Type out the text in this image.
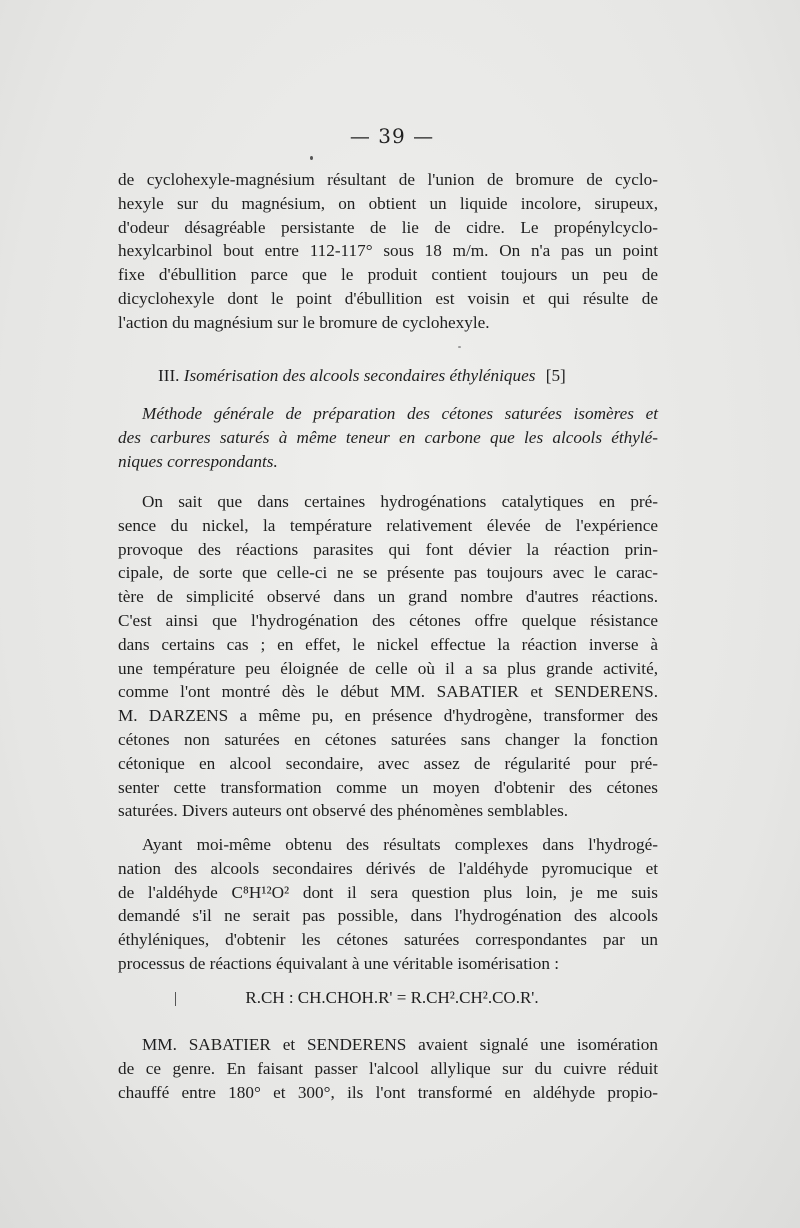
— 39 —
de cyclohexyle-magnésium résultant de l'union de bromure de cyclo-
hexyle sur du magnésium, on obtient un liquide incolore, sirupeux,
d'odeur désagréable persistante de lie de cidre. Le propénylcyclo-
hexylcarbinol bout entre 112-117° sous 18 m/m. On n'a pas un point
fixe d'ébullition parce que le produit contient toujours un peu de
dicyclohexyle dont le point d'ébullition est voisin et qui résulte de
l'action du magnésium sur le bromure de cyclohexyle.
III. Isomérisation des alcools secondaires éthyléniques [5]
Méthode générale de préparation des cétones saturées isomères et
des carbures saturés à même teneur en carbone que les alcools éthylé-
niques correspondants.
On sait que dans certaines hydrogénations catalytiques en pré-
sence du nickel, la température relativement élevée de l'expérience
provoque des réactions parasites qui font dévier la réaction prin-
cipale, de sorte que celle-ci ne se présente pas toujours avec le carac-
tère de simplicité observé dans un grand nombre d'autres réactions.
C'est ainsi que l'hydrogénation des cétones offre quelque résistance
dans certains cas ; en effet, le nickel effectue la réaction inverse à
une température peu éloignée de celle où il a sa plus grande activité,
comme l'ont montré dès le début MM. SABATIER et SENDERENS.
M. DARZENS a même pu, en présence d'hydrogène, transformer des
cétones non saturées en cétones saturées sans changer la fonction
cétonique en alcool secondaire, avec assez de régularité pour pré-
senter cette transformation comme un moyen d'obtenir des cétones
saturées. Divers auteurs ont observé des phénomènes semblables.
Ayant moi-même obtenu des résultats complexes dans l'hydrogé-
nation des alcools secondaires dérivés de l'aldéhyde pyromucique et
de l'aldéhyde C⁸H¹²O² dont il sera question plus loin, je me suis
demandé s'il ne serait pas possible, dans l'hydrogénation des alcools
éthyléniques, d'obtenir les cétones saturées correspondantes par un
processus de réactions équivalant à une véritable isomérisation :
R.CH : CH.CHOH.R' = R.CH².CH².CO.R'.
MM. SABATIER et SENDERENS avaient signalé une isomération
de ce genre. En faisant passer l'alcool allylique sur du cuivre réduit
chauffé entre 180° et 300°, ils l'ont transformé en aldéhyde propio-
